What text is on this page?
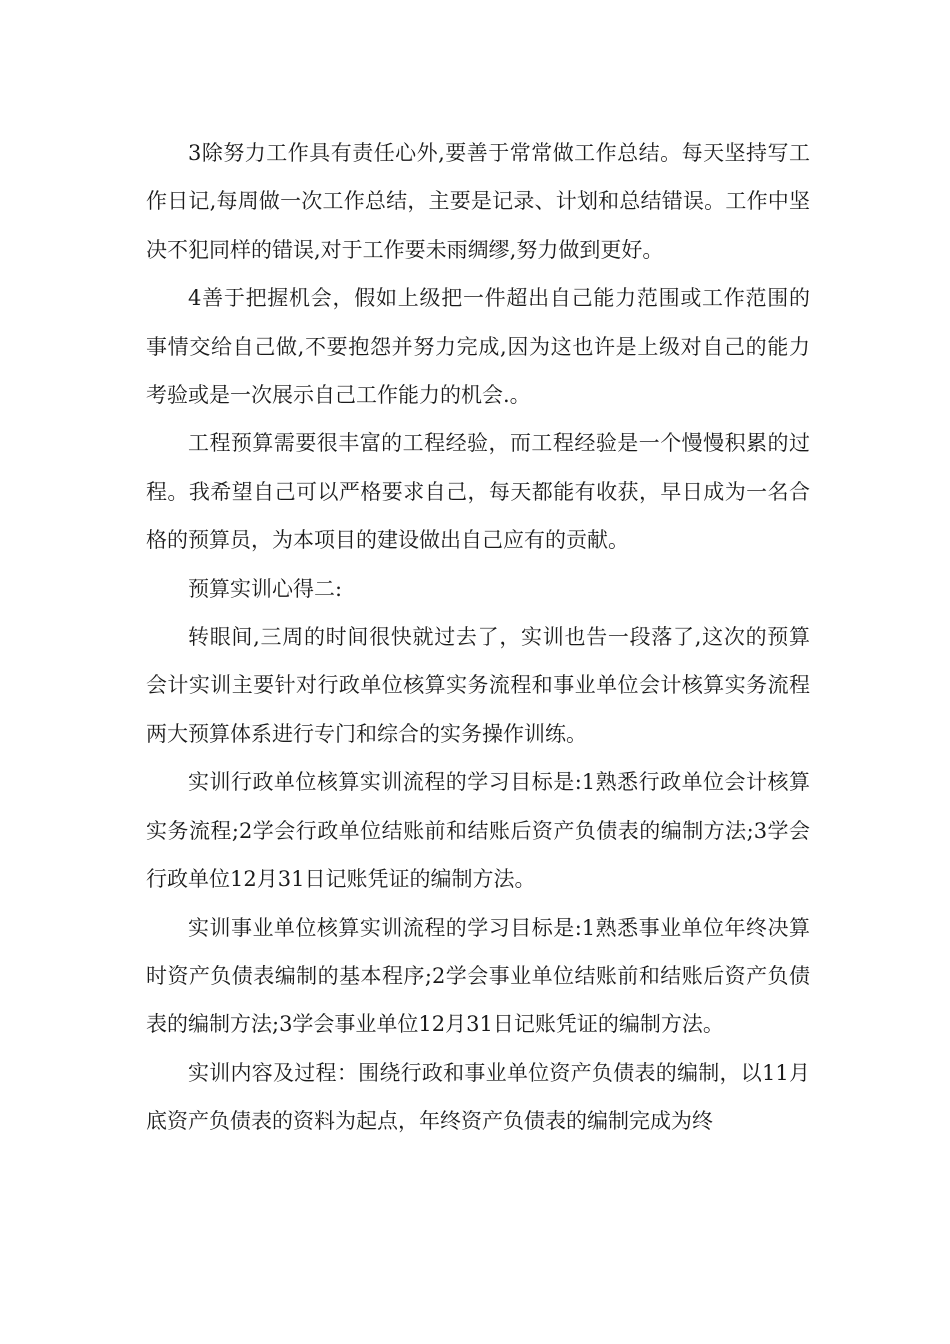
3除努力工作具有责任心外,要善于常常做工作总结。每天坚持写工作日记,每周做一次工作总结，主要是记录、计划和总结错误。工作中坚决不犯同样的错误,对于工作要未雨绸缪,努力做到更好。

4善于把握机会，假如上级把一件超出自己能力范围或工作范围的事情交给自己做,不要抱怨并努力完成,因为这也许是上级对自己的能力考验或是一次展示自己工作能力的机会.。

工程预算需要很丰富的工程经验，而工程经验是一个慢慢积累的过程。我希望自己可以严格要求自己，每天都能有收获，早日成为一名合格的预算员，为本项目的建设做出自己应有的贡献。

预算实训心得二:

转眼间,三周的时间很快就过去了，实训也告一段落了,这次的预算会计实训主要针对行政单位核算实务流程和事业单位会计核算实务流程两大预算体系进行专门和综合的实务操作训练。

实训行政单位核算实训流程的学习目标是:1熟悉行政单位会计核算实务流程;2学会行政单位结账前和结账后资产负债表的编制方法;3学会行政单位12月31日记账凭证的编制方法。

实训事业单位核算实训流程的学习目标是:1熟悉事业单位年终决算时资产负债表编制的基本程序;2学会事业单位结账前和结账后资产负债表的编制方法;3学会事业单位12月31日记账凭证的编制方法。

实训内容及过程：围绕行政和事业单位资产负债表的编制，以11月底资产负债表的资料为起点，年终资产负债表的编制完成为终
